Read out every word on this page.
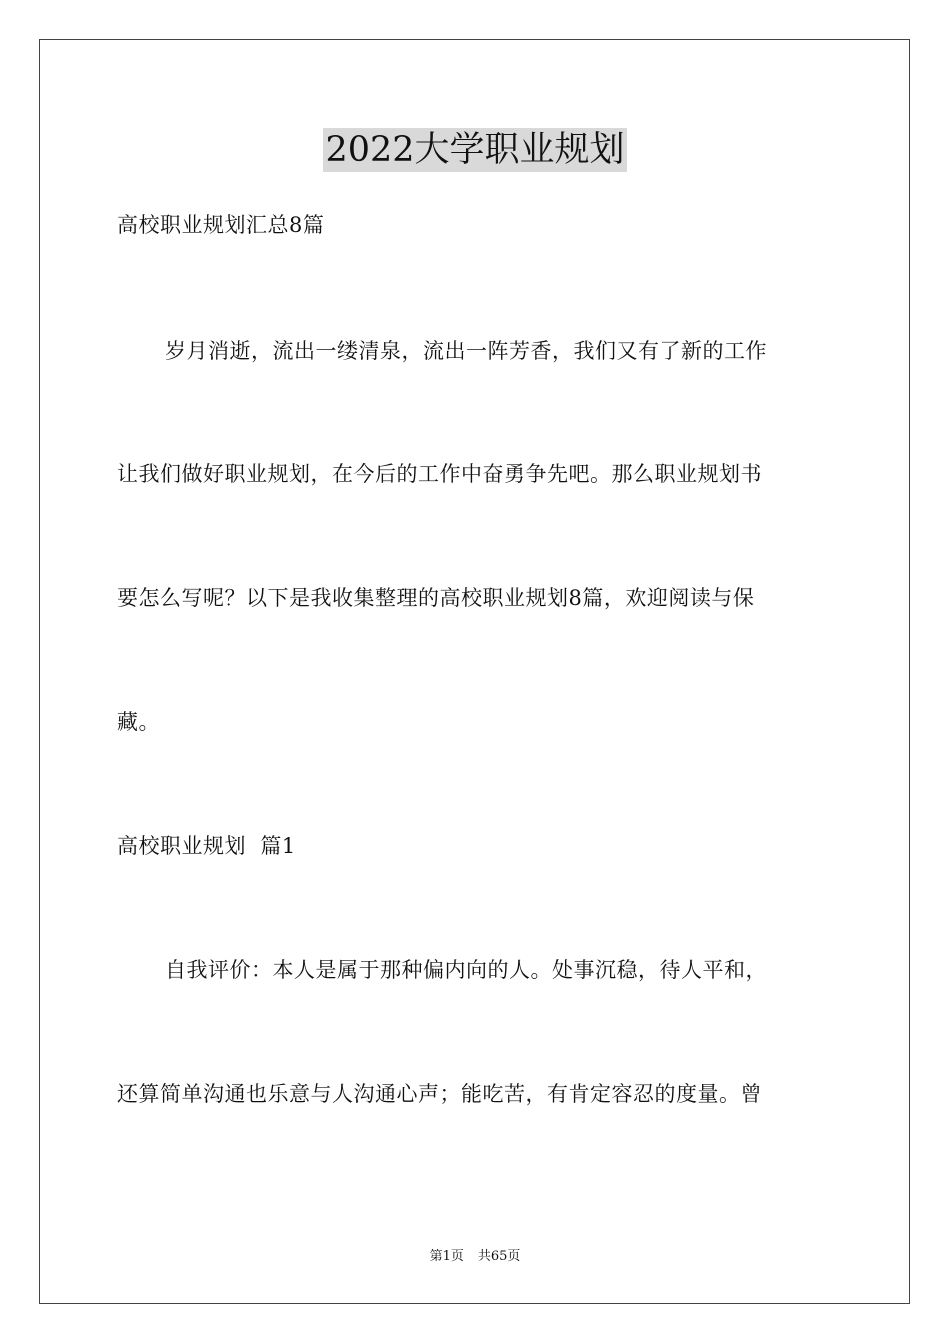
2022大学职业规划
高校职业规划汇总8篇
岁月消逝，流出一缕清泉，流出一阵芳香，我们又有了新的工作
让我们做好职业规划，在今后的工作中奋勇争先吧。那么职业规划书
要怎么写呢？以下是我收集整理的高校职业规划8篇，欢迎阅读与保
藏。
高校职业规划  篇1
自我评价：本人是属于那种偏内向的人。处事沉稳，待人平和，
还算简单沟通也乐意与人沟通心声；能吃苦，有肯定容忍的度量。曾
第1页 共65页
